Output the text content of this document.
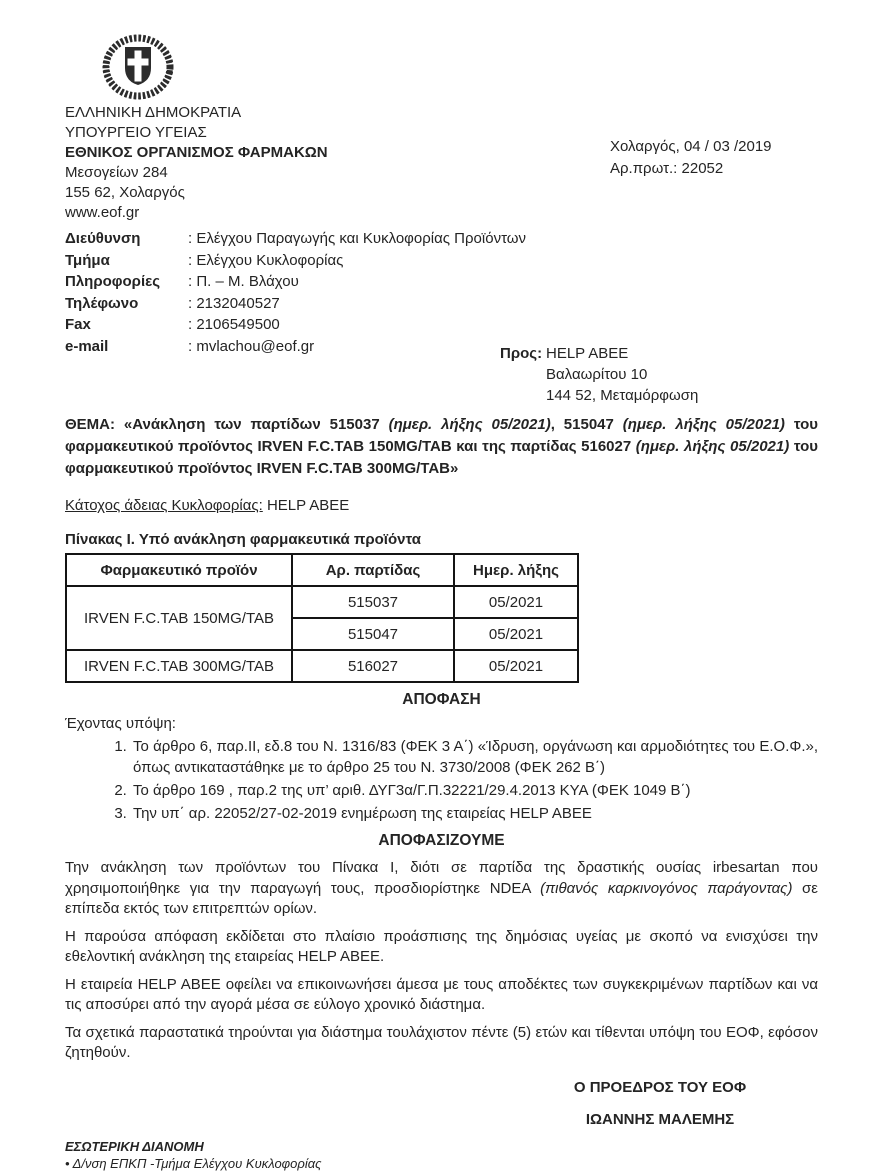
ΕΛΛΗΝΙΚΗ ΔΗΜΟΚΡΑΤΙΑ
ΥΠΟΥΡΓΕΙΟ ΥΓΕΙΑΣ
ΕΘΝΙΚΟΣ ΟΡΓΑΝΙΣΜΟΣ ΦΑΡΜΑΚΩΝ
Μεσογείων 284
155 62, Χολαργός
www.eof.gr
Χολαργός, 04 / 03 /2019
Αρ.πρωτ.: 22052
Διεύθυνση	: Ελέγχου Παραγωγής και Κυκλοφορίας Προϊόντων
Τμήμα	: Ελέγχου Κυκλοφορίας
Πληροφορίες	: Π. – Μ. Βλάχου
Τηλέφωνο	: 2132040527
Fax	: 2106549500
e-mail	: mvlachou@eof.gr	Προς: HELP ABEE
Βαλαωρίτου 10
144 52, Μεταμόρφωση

ΘΕΜΑ: «Ανάκληση των παρτίδων 515037 (ημερ. λήξης 05/2021), 515047 (ημερ. λήξης 05/2021) του φαρμακευτικού προϊόντος IRVEN F.C.TAB 150MG/TAB και της παρτίδας 516027 (ημερ. λήξης 05/2021) του φαρμακευτικού προϊόντος IRVEN F.C.TAB 300MG/TAB»

Κάτοχος άδειας Κυκλοφορίας: HELP ABEE
Πίνακας Ι. Υπό ανάκληση φαρμακευτικά προϊόντα
Φαρμακευτικό προϊόν	Αρ. παρτίδας	Ημερ. λήξης
IRVEN F.C.TAB 150MG/TAB	515037	05/2021
	515047	05/2021
IRVEN F.C.TAB 300MG/TAB	516027	05/2021
ΑΠΟΦΑΣΗ
Έχοντας υπόψη:
1. Το άρθρο 6, παρ.ΙΙ, εδ.8 του Ν. 1316/83 (ΦΕΚ 3 Α΄) «Ίδρυση, οργάνωση και αρμοδιότητες του Ε.Ο.Φ.», όπως αντικαταστάθηκε με το άρθρο 25 του Ν. 3730/2008 (ΦΕΚ 262 Β΄)
2. Το άρθρο 169 , παρ.2 της υπ’ αριθ. ΔΥΓ3α/Γ.Π.32221/29.4.2013 ΚΥΑ (ΦΕΚ 1049 Β΄)
3. Την υπ΄ αρ. 22052/27-02-2019 ενημέρωση της εταιρείας HELP ABEE
ΑΠΟΦΑΣΙΖΟΥΜΕ

Την ανάκληση των προϊόντων του Πίνακα Ι, διότι σε παρτίδα της δραστικής ουσίας irbesartan που χρησιμοποιήθηκε για την παραγωγή τους, προσδιορίστηκε NDEA (πιθανός καρκινογόνος παράγοντας) σε επίπεδα εκτός των επιτρεπτών ορίων.

Η παρούσα απόφαση εκδίδεται στο πλαίσιο προάσπισης της δημόσιας υγείας με σκοπό να ενισχύσει την εθελοντική ανάκληση της εταιρείας HELP ABEE.

Η εταιρεία HELP ABEE οφείλει να επικοινωνήσει άμεσα με τους αποδέκτες των συγκεκριμένων παρτίδων και να τις αποσύρει από την αγορά μέσα σε εύλογο χρονικό διάστημα.

Τα σχετικά παραστατικά τηρούνται για διάστημα τουλάχιστον πέντε (5) ετών και τίθενται υπόψη του ΕΟΦ, εφόσον ζητηθούν.

Ο ΠΡΟΕΔΡΟΣ ΤΟΥ ΕΟΦ
ΙΩΑΝΝΗΣ ΜΑΛΕΜΗΣ
ΕΣΩΤΕΡΙΚΗ ΔΙΑΝΟΜΗ
• Δ/νση ΕΠΚΠ -Τμήμα Ελέγχου Κυκλοφορίας
